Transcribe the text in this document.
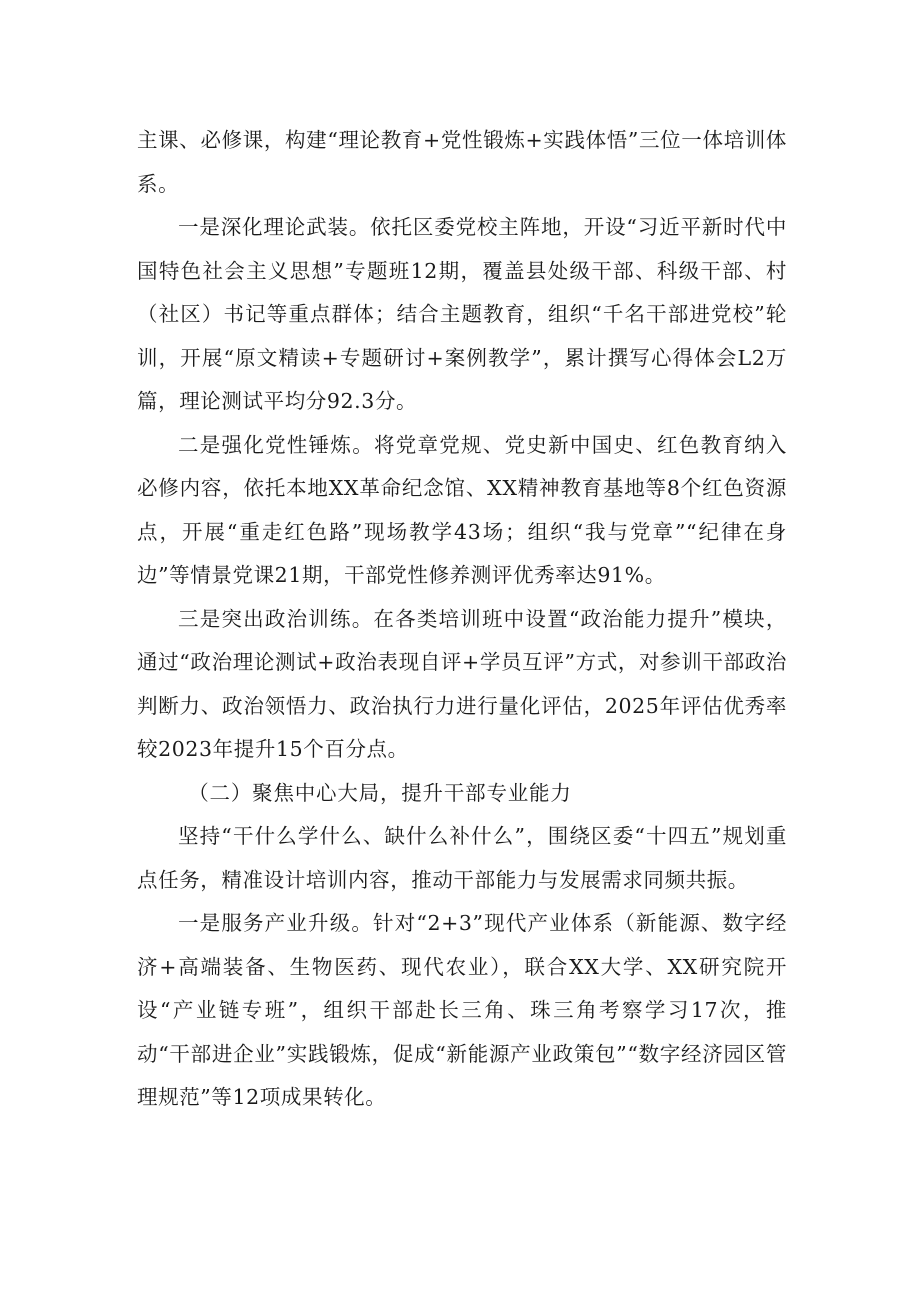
主课、必修课，构建“理论教育+党性锻炼+实践体悟”三位一体培训体系。

一是深化理论武装。依托区委党校主阵地，开设“习近平新时代中国特色社会主义思想”专题班12期，覆盖县处级干部、科级干部、村（社区）书记等重点群体；结合主题教育，组织“千名干部进党校”轮训，开展“原文精读+专题研讨+案例教学”，累计撰写心得体会L2万篇，理论测试平均分92.3分。

二是强化党性锤炼。将党章党规、党史新中国史、红色教育纳入必修内容，依托本地XX革命纪念馆、XX精神教育基地等8个红色资源点，开展“重走红色路”现场教学43场；组织“我与党章”“纪律在身边”等情景党课21期，干部党性修养测评优秀率达91%。

三是突出政治训练。在各类培训班中设置“政治能力提升”模块，通过“政治理论测试+政治表现自评+学员互评”方式，对参训干部政治判断力、政治领悟力、政治执行力进行量化评估，2025年评估优秀率较2023年提升15个百分点。

（二）聚焦中心大局，提升干部专业能力

坚持“干什么学什么、缺什么补什么”，围绕区委“十四五”规划重点任务，精准设计培训内容，推动干部能力与发展需求同频共振。

一是服务产业升级。针对“2+3”现代产业体系（新能源、数字经济+高端装备、生物医药、现代农业），联合XX大学、XX研究院开设“产业链专班”，组织干部赴长三角、珠三角考察学习17次，推动“干部进企业”实践锻炼，促成“新能源产业政策包”“数字经济园区管理规范”等12项成果转化。
